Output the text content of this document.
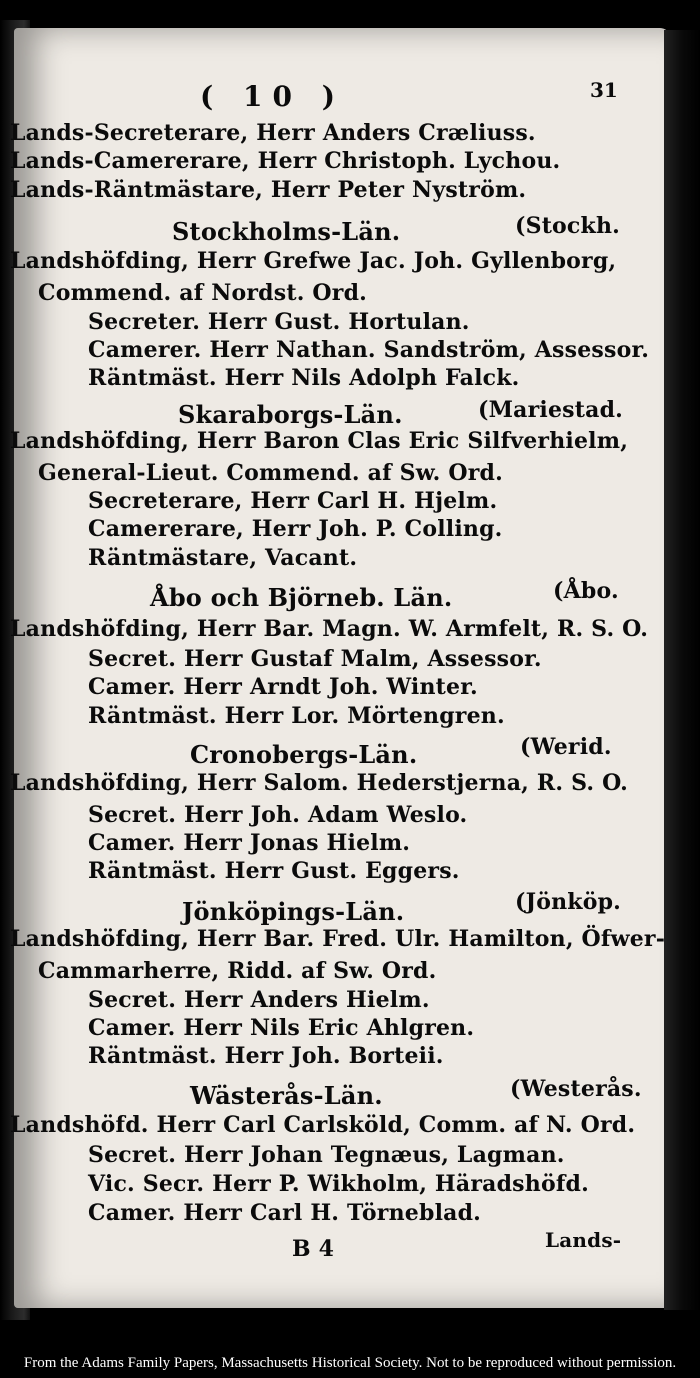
( 10 )	31
Lands-Secreterare, Herr Anders Cræliuss.
Lands-Camererare, Herr Christoph. Lychou.
Lands-Räntmästare, Herr Peter Nyström.
Stockholms-Län.	(Stockh.
Landshöfding, Herr Grefwe Jac. Joh. Gyllenborg,
Commend. af Nordst. Ord.
Secreter. Herr Gust. Hortulan.
Camerer. Herr Nathan. Sandström, Assessor.
Räntmäst. Herr Nils Adolph Falck.
Skaraborgs-Län.	(Mariestad.
Landshöfding, Herr Baron Clas Eric Silfverhielm,
General-Lieut. Commend. af Sw. Ord.
Secreterare, Herr Carl H. Hjelm.
Camererare, Herr Joh. P. Colling.
Räntmästare, Vacant.
Åbo och Björneb. Län.	(Åbo.
Landshöfding, Herr Bar. Magn. W. Armfelt, R. S. O.
Secret. Herr Gustaf Malm, Assessor.
Camer. Herr Arndt Joh. Winter.
Räntmäst. Herr Lor. Mörtengren.
Cronobergs-Län.	(Werid.
Landshöfding, Herr Salom. Hederstjerna, R. S. O.
Secret. Herr Joh. Adam Weslo.
Camer. Herr Jonas Hielm.
Räntmäst. Herr Gust. Eggers.
Jönköpings-Län.	(Jönköp.
Landshöfding, Herr Bar. Fred. Ulr. Hamilton, Öfwer-
Cammarherre, Ridd. af Sw. Ord.
Secret. Herr Anders Hielm.
Camer. Herr Nils Eric Ahlgren.
Räntmäst. Herr Joh. Borteii.
Wästerås-Län.	(Westerås.
Landshöfd. Herr Carl Carlsköld, Comm. af N. Ord.
Secret. Herr Johan Tegnæus, Lagman.
Vic. Secr. Herr P. Wikholm, Häradshöfd.
Camer. Herr Carl H. Törneblad.
B 4	Lands-
From the Adams Family Papers, Massachusetts Historical Society. Not to be reproduced without permission.
